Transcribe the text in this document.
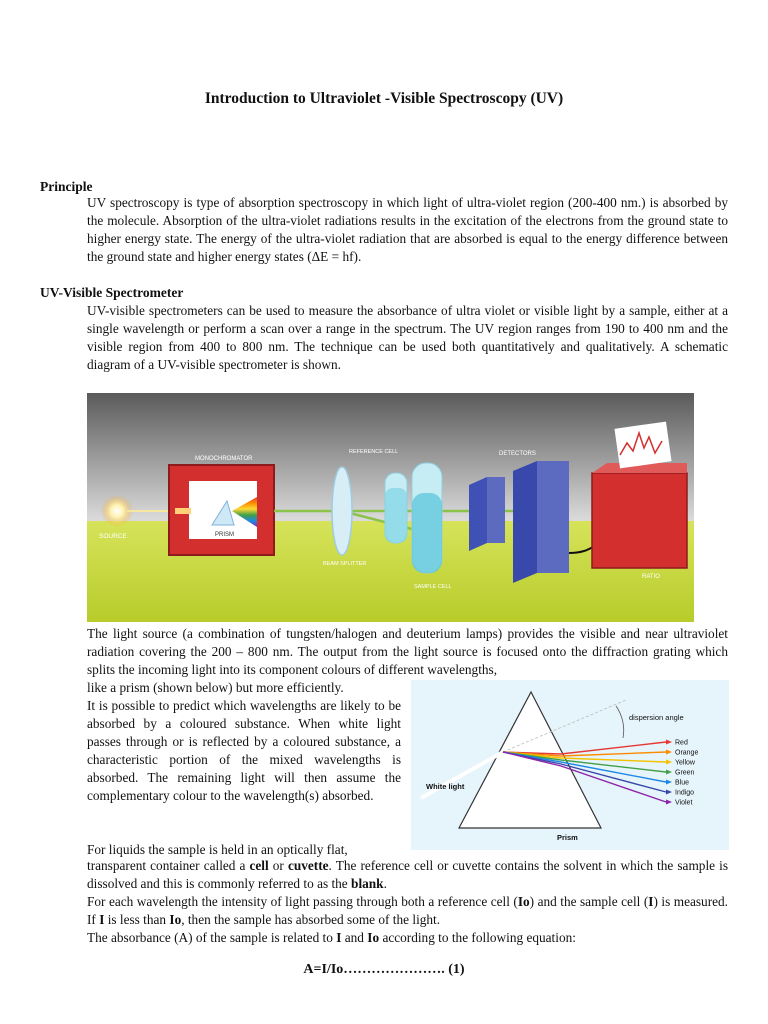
Introduction to Ultraviolet -Visible Spectroscopy (UV)
Principle
UV spectroscopy is type of absorption spectroscopy in which light of ultra-violet region (200-400 nm.) is absorbed by the molecule. Absorption of the ultra-violet radiations results in the excitation of the electrons from the ground state to higher energy state. The energy of the ultra-violet radiation that are absorbed is equal to the energy difference between the ground state and higher energy states (ΔE = hf).
UV-Visible Spectrometer
UV-visible spectrometers can be used to measure the absorbance of ultra violet or visible light by a sample, either at a single wavelength or perform a scan over a range in the spectrum. The UV region ranges from 190 to 400 nm and the visible region from 400 to 800 nm. The technique can be used both quantitatively and qualitatively. A schematic diagram of a UV-visible spectrometer is shown.
SOURCE
MONOCHROMATOR
PRISM
BEAM SPLITTER
REFERENCE CELL
SAMPLE CELL
DETECTORS
RATIO
The light source (a combination of tungsten/halogen and deuterium lamps) provides the visible and near ultraviolet radiation covering the 200 – 800 nm. The output from the light source is focused onto the diffraction grating which splits the incoming light into its component colours of different wavelengths,
like a prism (shown below) but more efficiently.
It is possible to predict which wavelengths are likely to be absorbed by a coloured substance. When white light passes through or is reflected by a coloured substance, a characteristic portion of the mixed wavelengths is absorbed. The remaining light will then assume the complementary colour to the wavelength(s) absorbed.
dispersion angle
White light
Prism
Red
Orange
Yellow
Green
Blue
Indigo
Violet
For liquids the sample is held in an optically flat,
transparent container called a cell or cuvette. The reference cell or cuvette contains the solvent in which the sample is dissolved and this is commonly referred to as the blank.
For each wavelength the intensity of light passing through both a reference cell (Io) and the sample cell (I) is measured. If I is less than Io, then the sample has absorbed some of the light.
The absorbance (A) of the sample is related to I and Io according to the following equation:
A=I/Io…………………. (1)
